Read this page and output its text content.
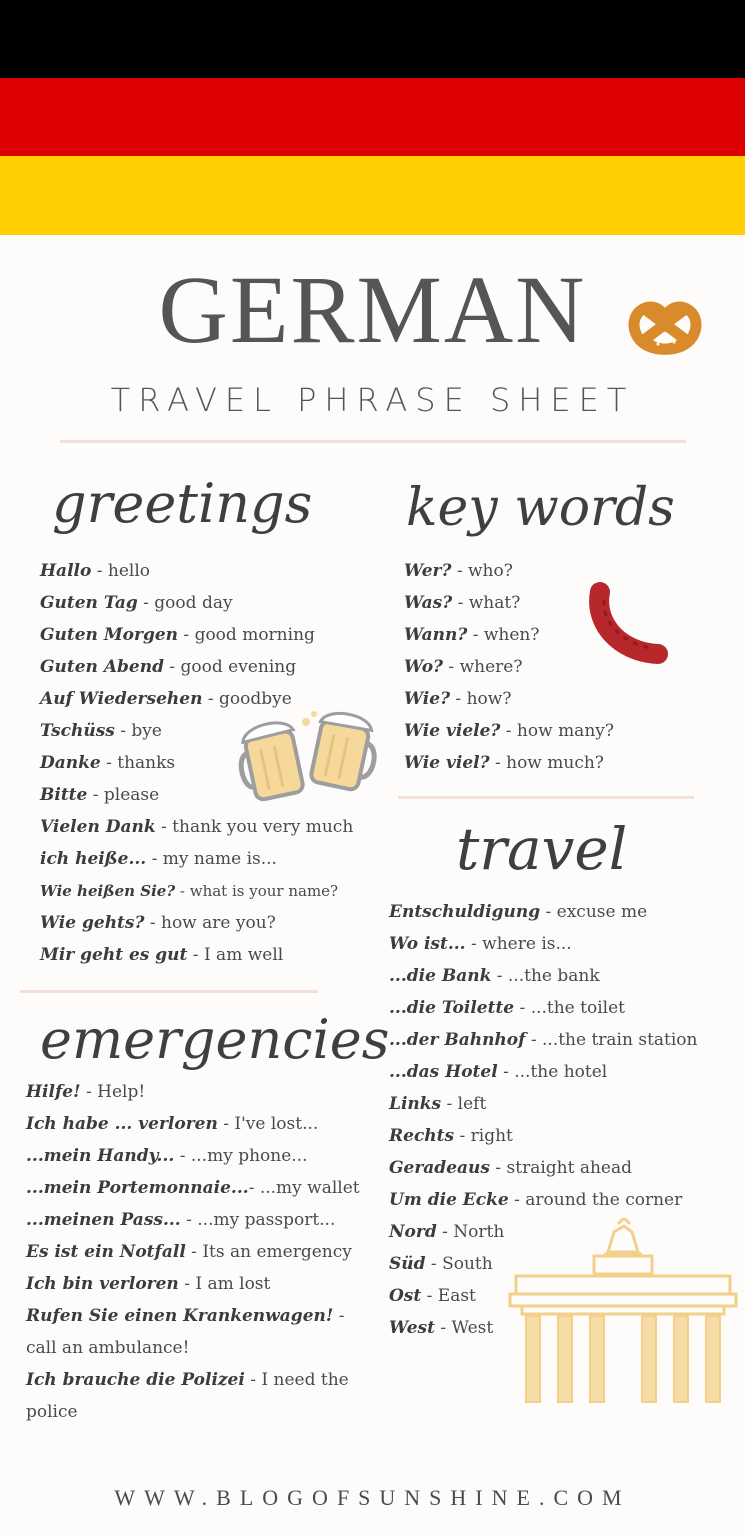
GERMAN
TRAVEL PHRASE SHEET
greetings
Hallo - hello
Guten Tag - good day
Guten Morgen - good morning
Guten Abend - good evening
Auf Wiedersehen - goodbye
Tschüss - bye
Danke - thanks
Bitte - please
Vielen Dank - thank you very much
ich heiße... - my name is...
Wie heißen Sie? - what is your name?
Wie gehts? - how are you?
Mir geht es gut - I am well
key words
Wer? - who?
Was? - what?
Wann? - when?
Wo? - where?
Wie? - how?
Wie viele? - how many?
Wie viel? - how much?
travel
Entschuldigung - excuse me
Wo ist... - where is...
...die Bank - ...the bank
...die Toilette - ...the toilet
...der Bahnhof - ...the train station
...das Hotel - ...the hotel
Links - left
Rechts - right
Geradeaus - straight ahead
Um die Ecke - around the corner
Nord - North
Süd - South
Ost - East
West - West
emergencies
Hilfe! - Help!
Ich habe ... verloren - I've lost...
...mein Handy... - ...my phone...
...mein Portemonnaie...- ...my wallet
...meinen Pass... - ...my passport...
Es ist ein Notfall - Its an emergency
Ich bin verloren - I am lost
Rufen Sie einen Krankenwagen! - call an ambulance!
Ich brauche die Polizei - I need the police
WWW.BLOGOFSUNSHINE.COM
